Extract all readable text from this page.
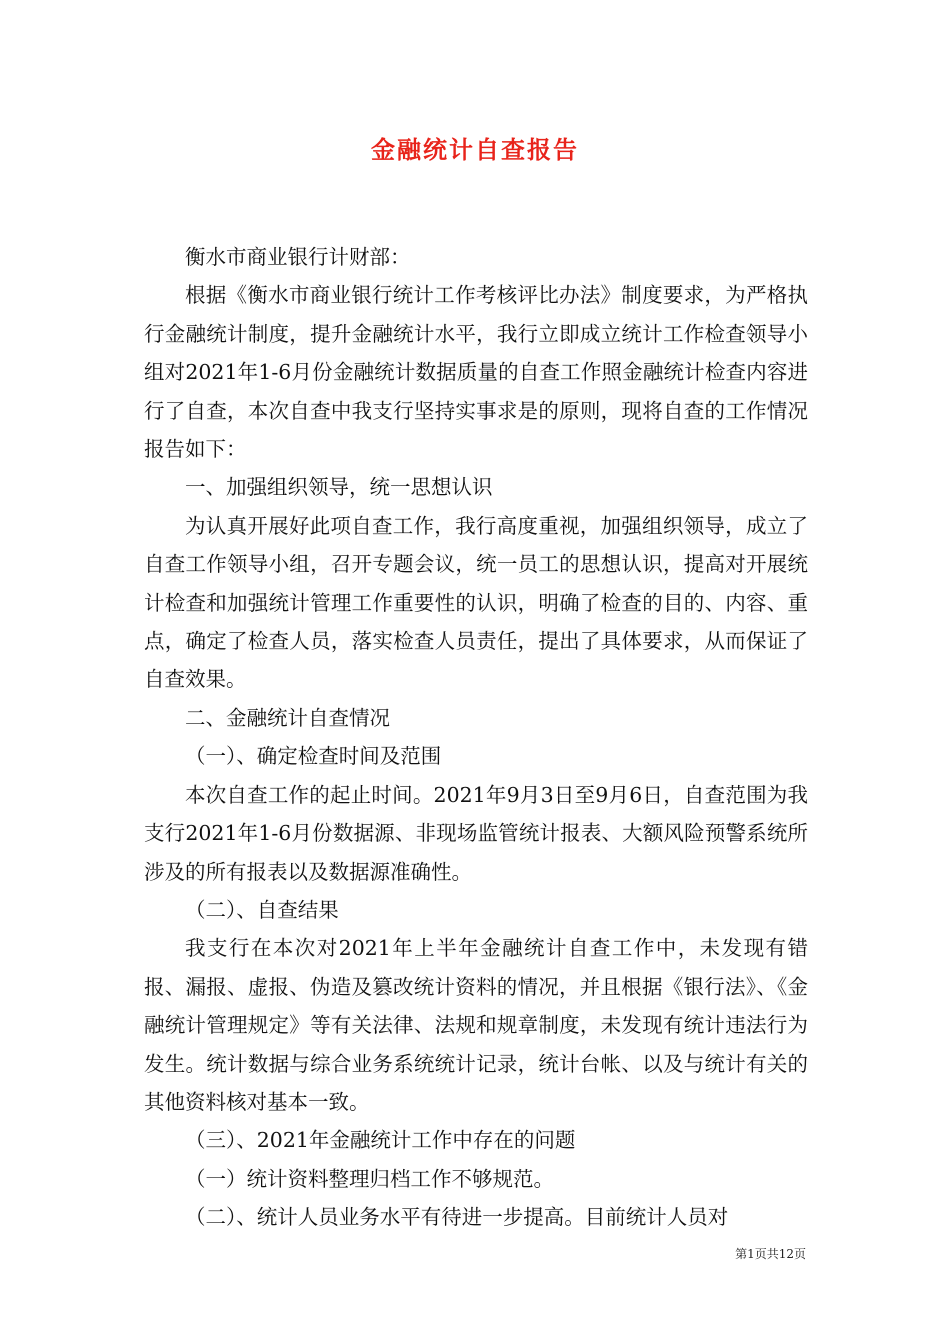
金融统计自查报告

衡水市商业银行计财部：

根据《衡水市商业银行统计工作考核评比办法》制度要求，为严格执行金融统计制度，提升金融统计水平，我行立即成立统计工作检查领导小组对2021年1-6月份金融统计数据质量的自查工作照金融统计检查内容进行了自查，本次自查中我支行坚持实事求是的原则，现将自查的工作情况报告如下：

一、加强组织领导，统一思想认识

为认真开展好此项自查工作，我行高度重视，加强组织领导，成立了自查工作领导小组，召开专题会议，统一员工的思想认识，提高对开展统计检查和加强统计管理工作重要性的认识，明确了检查的目的、内容、重点，确定了检查人员，落实检查人员责任，提出了具体要求，从而保证了自查效果。

二、金融统计自查情况

（一）、确定检查时间及范围

本次自查工作的起止时间。2021年9月3日至9月6日，自查范围为我支行2021年1-6月份数据源、非现场监管统计报表、大额风险预警系统所涉及的所有报表以及数据源准确性。

（二）、自查结果

我支行在本次对2021年上半年金融统计自查工作中，未发现有错报、漏报、虚报、伪造及篡改统计资料的情况，并且根据《银行法》、《金融统计管理规定》等有关法律、法规和规章制度，未发现有统计违法行为发生。统计数据与综合业务系统统计记录，统计台帐、以及与统计有关的其他资料核对基本一致。

（三）、2021年金融统计工作中存在的问题

（一）统计资料整理归档工作不够规范。

（二）、统计人员业务水平有待进一步提高。目前统计人员对

第1页共12页
